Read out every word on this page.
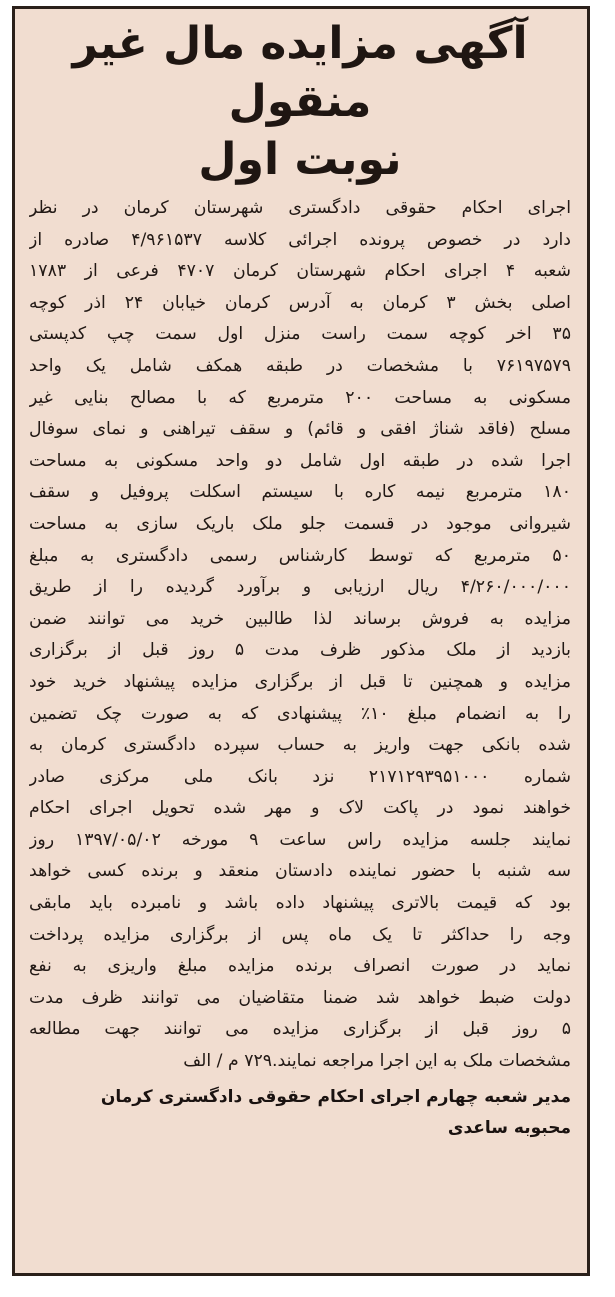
آگهی مزایده مال غیر منقول
نوبت اول
اجرای احکام حقوقی دادگستری شهرستان کرمان در نظر
دارد در خصوص پرونده اجرائی کلاسه ۴/۹۶۱۵۳۷ صادره از
شعبه ۴ اجرای احکام شهرستان کرمان ۴۷۰۷ فرعی از ۱۷۸۳
اصلی بخش ۳ کرمان به آدرس کرمان خیابان ۲۴ اذر کوچه
۳۵ اخر کوچه سمت راست منزل اول سمت چپ کدپستی
۷۶۱۹۷۵۷۹ با مشخصات در طبقه همکف شامل یک واحد
مسکونی به مساحت ۲۰۰ مترمربع که با مصالح بنایی غیر
مسلح (فاقد شناژ افقی و قائم) و سقف تیراهنی و نمای سوفال
اجرا شده در طبقه اول شامل دو واحد مسکونی به مساحت
۱۸۰ مترمربع نیمه کاره با سیستم اسکلت پروفیل و سقف
شیروانی موجود در قسمت جلو ملک باریک سازی به مساحت
۵۰ مترمربع که توسط کارشناس رسمی دادگستری به مبلغ
۴/۲۶۰/۰۰۰/۰۰۰ ریال ارزیابی و برآورد گردیده را از طریق
مزایده به فروش برساند لذا طالبین خرید می توانند ضمن
بازدید از ملک مذکور ظرف مدت ۵ روز قبل از برگزاری
مزایده و همچنین تا قبل از برگزاری مزایده پیشنهاد خرید خود
را به انضمام مبلغ ۱۰٪ پیشنهادی که به صورت چک تضمین
شده بانکی جهت واریز به حساب سپرده دادگستری کرمان به
شماره ۲۱۷۱۲۹۳۹۵۱۰۰۰ نزد بانک ملی مرکزی صادر
خواهند نمود در پاکت لاک و مهر شده تحویل اجرای احکام
نمایند جلسه مزایده راس ساعت ۹ مورخه ۱۳۹۷/۰۵/۰۲ روز
سه شنبه با حضور نماینده دادستان منعقد و برنده کسی خواهد
بود که قیمت بالاتری پیشنهاد داده باشد و نامبرده باید مابقی
وجه را حداکثر تا یک ماه پس از برگزاری مزایده پرداخت
نماید در صورت انصراف برنده مزایده مبلغ واریزی به نفع
دولت ضبط خواهد شد ضمنا متقاضیان می توانند ظرف مدت
۵ روز قبل از برگزاری مزایده می توانند جهت مطالعه
مشخصات ملک به این اجرا مراجعه نمایند.۷۲۹ م / الف
مدیر شعبه چهارم اجرای احکام حقوقی دادگستری کرمان
محبوبه ساعدی
